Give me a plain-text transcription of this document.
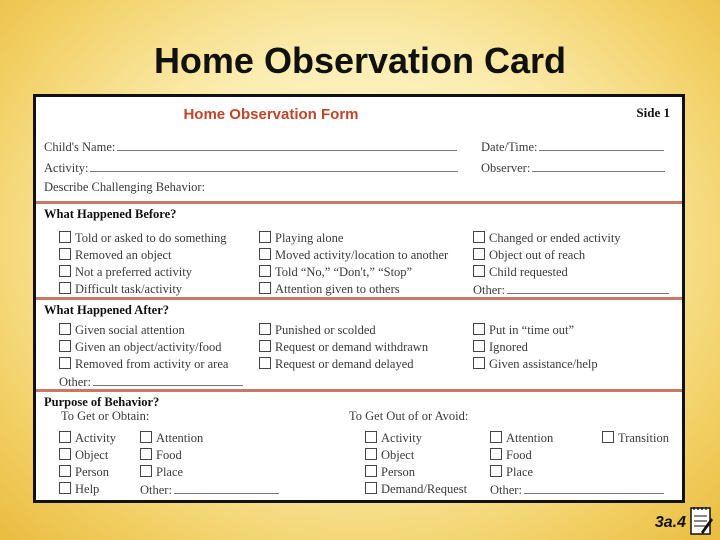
Home Observation Card
Home Observation Form	Side 1
Child's Name:
Activity:
Describe Challenging Behavior:
Date/Time:
Observer:
What Happened Before?
Told or asked to do something
Removed an object
Not a preferred activity
Difficult task/activity
Playing alone
Moved activity/location to another
Told “No,” “Don't,” “Stop”
Attention given to others
Changed or ended activity
Object out of reach
Child requested
Other:
What Happened After?
Given social attention
Given an object/activity/food
Removed from activity or area
Other:
Punished or scolded
Request or demand withdrawn
Request or demand delayed
Put in “time out”
Ignored
Given assistance/help
Purpose of Behavior?
To Get or Obtain:	To Get Out of or Avoid:
Activity
Object
Person
Help
Attention
Food
Place
Other:
Activity
Object
Person
Demand/Request
Attention
Food
Place
Other:
Transition
3a.4
